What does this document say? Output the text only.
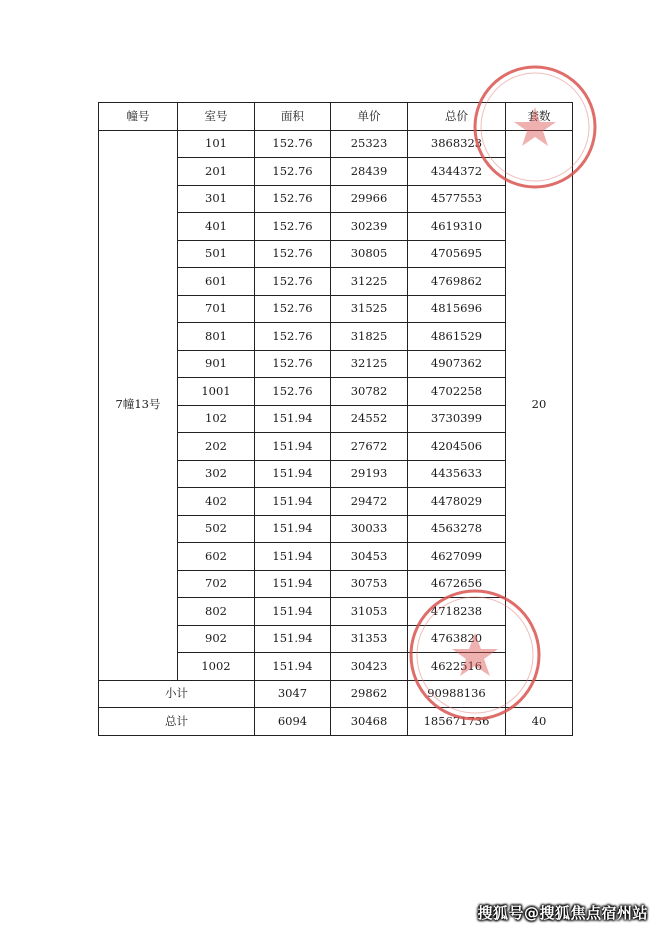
幢号	室号	面积	单价	总价	套数
7幢13号	101	152.76	25323	3868323	20
	201	152.76	28439	4344372	
	301	152.76	29966	4577553	
	401	152.76	30239	4619310	
	501	152.76	30805	4705695	
	601	152.76	31225	4769862	
	701	152.76	31525	4815696	
	801	152.76	31825	4861529	
	901	152.76	32125	4907362	
	1001	152.76	30782	4702258	
	102	151.94	24552	3730399	
	202	151.94	27672	4204506	
	302	151.94	29193	4435633	
	402	151.94	29472	4478029	
	502	151.94	30033	4563278	
	602	151.94	30453	4627099	
	702	151.94	30753	4672656	
	802	151.94	31053	4718238	
	902	151.94	31353	4763820	
	1002	151.94	30423	4622516	
小计		3047	29862	90988136	
总计		6094	30468	185671736	40
搜狐号@搜狐焦点宿州站
